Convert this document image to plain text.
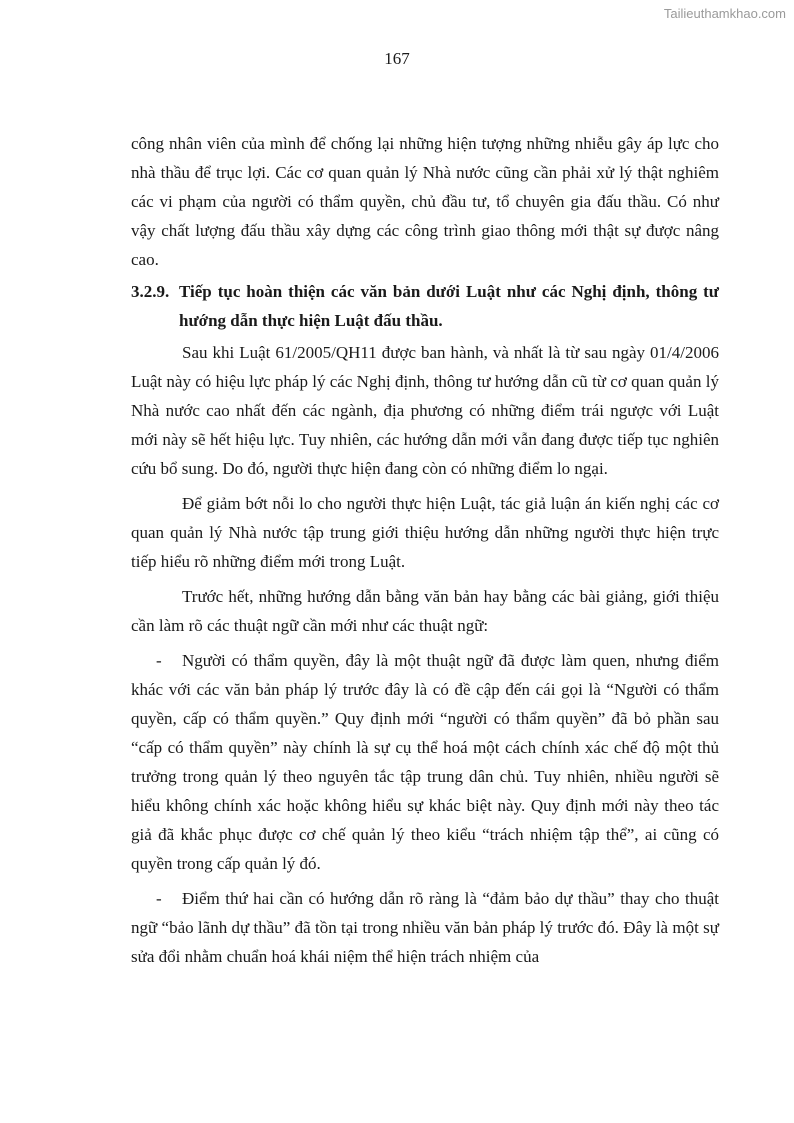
Tailieuthamkhao.com
167

công nhân viên của mình để chống lại những hiện tượng những nhiễu gây áp lực cho nhà thầu để trục lợi. Các cơ quan quản lý Nhà nước cũng cần phải xử lý thật nghiêm các vi phạm của người có thẩm quyền, chủ đầu tư, tổ chuyên gia đấu thầu. Có như vậy chất lượng đấu thầu xây dựng các công trình giao thông mới thật sự được nâng cao.

3.2.9. Tiếp tục hoàn thiện các văn bản dưới Luật như các Nghị định, thông tư hướng dẫn thực hiện Luật đấu thầu.

Sau khi Luật 61/2005/QH11 được ban hành, và nhất là từ sau ngày 01/4/2006 Luật này có hiệu lực pháp lý các Nghị định, thông tư hướng dẫn cũ từ cơ quan quản lý Nhà nước cao nhất đến các ngành, địa phương có những điểm trái ngược với Luật mới này sẽ hết hiệu lực. Tuy nhiên, các hướng dẫn mới vẫn đang được tiếp tục nghiên cứu bổ sung. Do đó, người thực hiện đang còn có những điểm lo ngại.

Để giảm bớt nỗi lo cho người thực hiện Luật, tác giả luận án kiến nghị các cơ quan quản lý Nhà nước tập trung giới thiệu hướng dẫn những người thực hiện trực tiếp hiểu rõ những điểm mới trong Luật.

Trước hết, những hướng dẫn bằng văn bản hay bằng các bài giảng, giới thiệu cần làm rõ các thuật ngữ cần mới như các thuật ngữ:

- Người có thẩm quyền, đây là một thuật ngữ đã được làm quen, nhưng điểm khác với các văn bản pháp lý trước đây là có đề cập đến cái gọi là “Người có thẩm quyền, cấp có thẩm quyền.” Quy định mới “người có thẩm quyền” đã bỏ phần sau “cấp có thẩm quyền” này chính là sự cụ thể hoá một cách chính xác chế độ một thủ trưởng trong quản lý theo nguyên tắc tập trung dân chủ. Tuy nhiên, nhiều người sẽ hiểu không chính xác hoặc không hiểu sự khác biệt này. Quy định mới này theo tác giả đã khắc phục được cơ chế quản lý theo kiểu “trách nhiệm tập thể”, ai cũng có quyền trong cấp quản lý đó.

- Điểm thứ hai cần có hướng dẫn rõ ràng là “đảm bảo dự thầu” thay cho thuật ngữ “bảo lãnh dự thầu” đã tồn tại trong nhiều văn bản pháp lý trước đó. Đây là một sự sửa đổi nhằm chuẩn hoá khái niệm thể hiện trách nhiệm của
